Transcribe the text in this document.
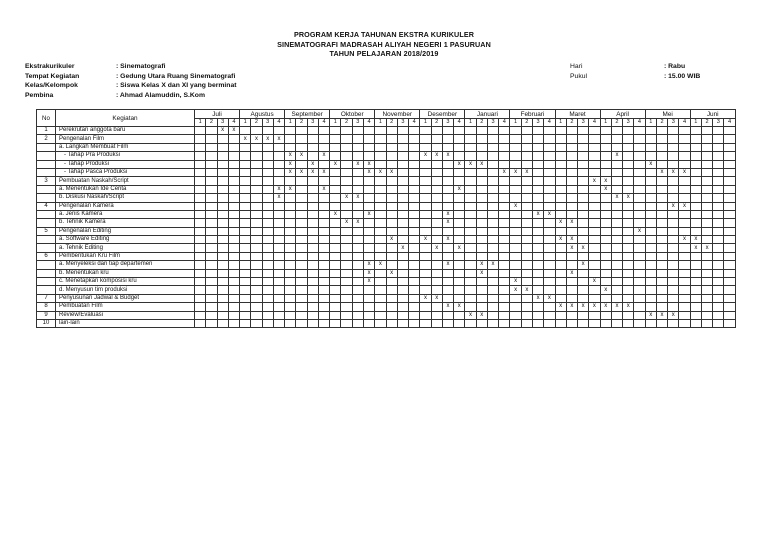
PROGRAM KERJA TAHUNAN EKSTRA KURIKULER
SINEMATOGRAFI MADRASAH ALIYAH NEGERI 1 PASURUAN
TAHUN PELAJARAN 2018/2019
Ekstrakurikuler	: Sinematografi
Tempat Kegiatan	: Gedung Utara Ruang Sinematografi
Kelas/Kelompok	: Siswa Kelas X dan XI yang berminat
Pembina	: Ahmad Alamuddin, S.Kom
Hari	: Rabu
Pukul	: 15.00 WIB
No	Kegiatan	Juli				Agustus				September				Oktober				November				Desember				Januari				Februari				Maret				April				Mei				Juni			
		1	2	3	4	1	2	3	4	1	2	3	4	1	2	3	4	1	2	3	4	1	2	3	4	1	2	3	4	1	2	3	4	1	2	3	4	1	2	3	4	1	2	3	4	1	2	3	4
1	Perekrutan anggota baru			x	x																																												
2	Pengenalan Film					x	x	x	x																																								
	a. Langkah Membuat Film																																																
	- Tahap Pra Produksi									x	x		x									x	x	x															x										
	- Tahap Produksi									x		x		x		x	x								x	x	x															x							
	- Tahap Pasca Produksi									x	x	x	x				x	x	x										x	x	x												x	x	x				
3	Pembuatan Naskah/Script																																				x	x											
	a. Menentukan Ide Cerita								x	x			x												x													x											
	b. Diskusi Naskah/Script								x						x	x																							x	x									
4	Pengenalan Kamera																													x														x	x				
	a. Jenis Kamera													x			x							x								x	x																
	b. Tehnik Kamera														x	x								x										x	x														
5	Pengenalan Editing																																								x								
	a. Software Editing																		x			x		x										x	x										x	x			
	a. Tehnik Editing																			x			x		x										x	x										x	x		
6	Pembentukan Kru Film																																																
	a. Menyeleksi dari tiap departemen																x	x						x			x	x								x													
	b. Menentukan kru																x		x								x								x														
	c. Menetapkan komposisi kru																x													x							x												
	d. Menyusun tim produksi																													x	x							x											
7	Penyusunan Jadwal & Budget																					x	x									x	x																
8	Pembuatan Film																							x	x									x	x	x	x	x	x	x									
9	Review/Evaluasi																									x	x															x	x	x					
10	lain-lain																																																
